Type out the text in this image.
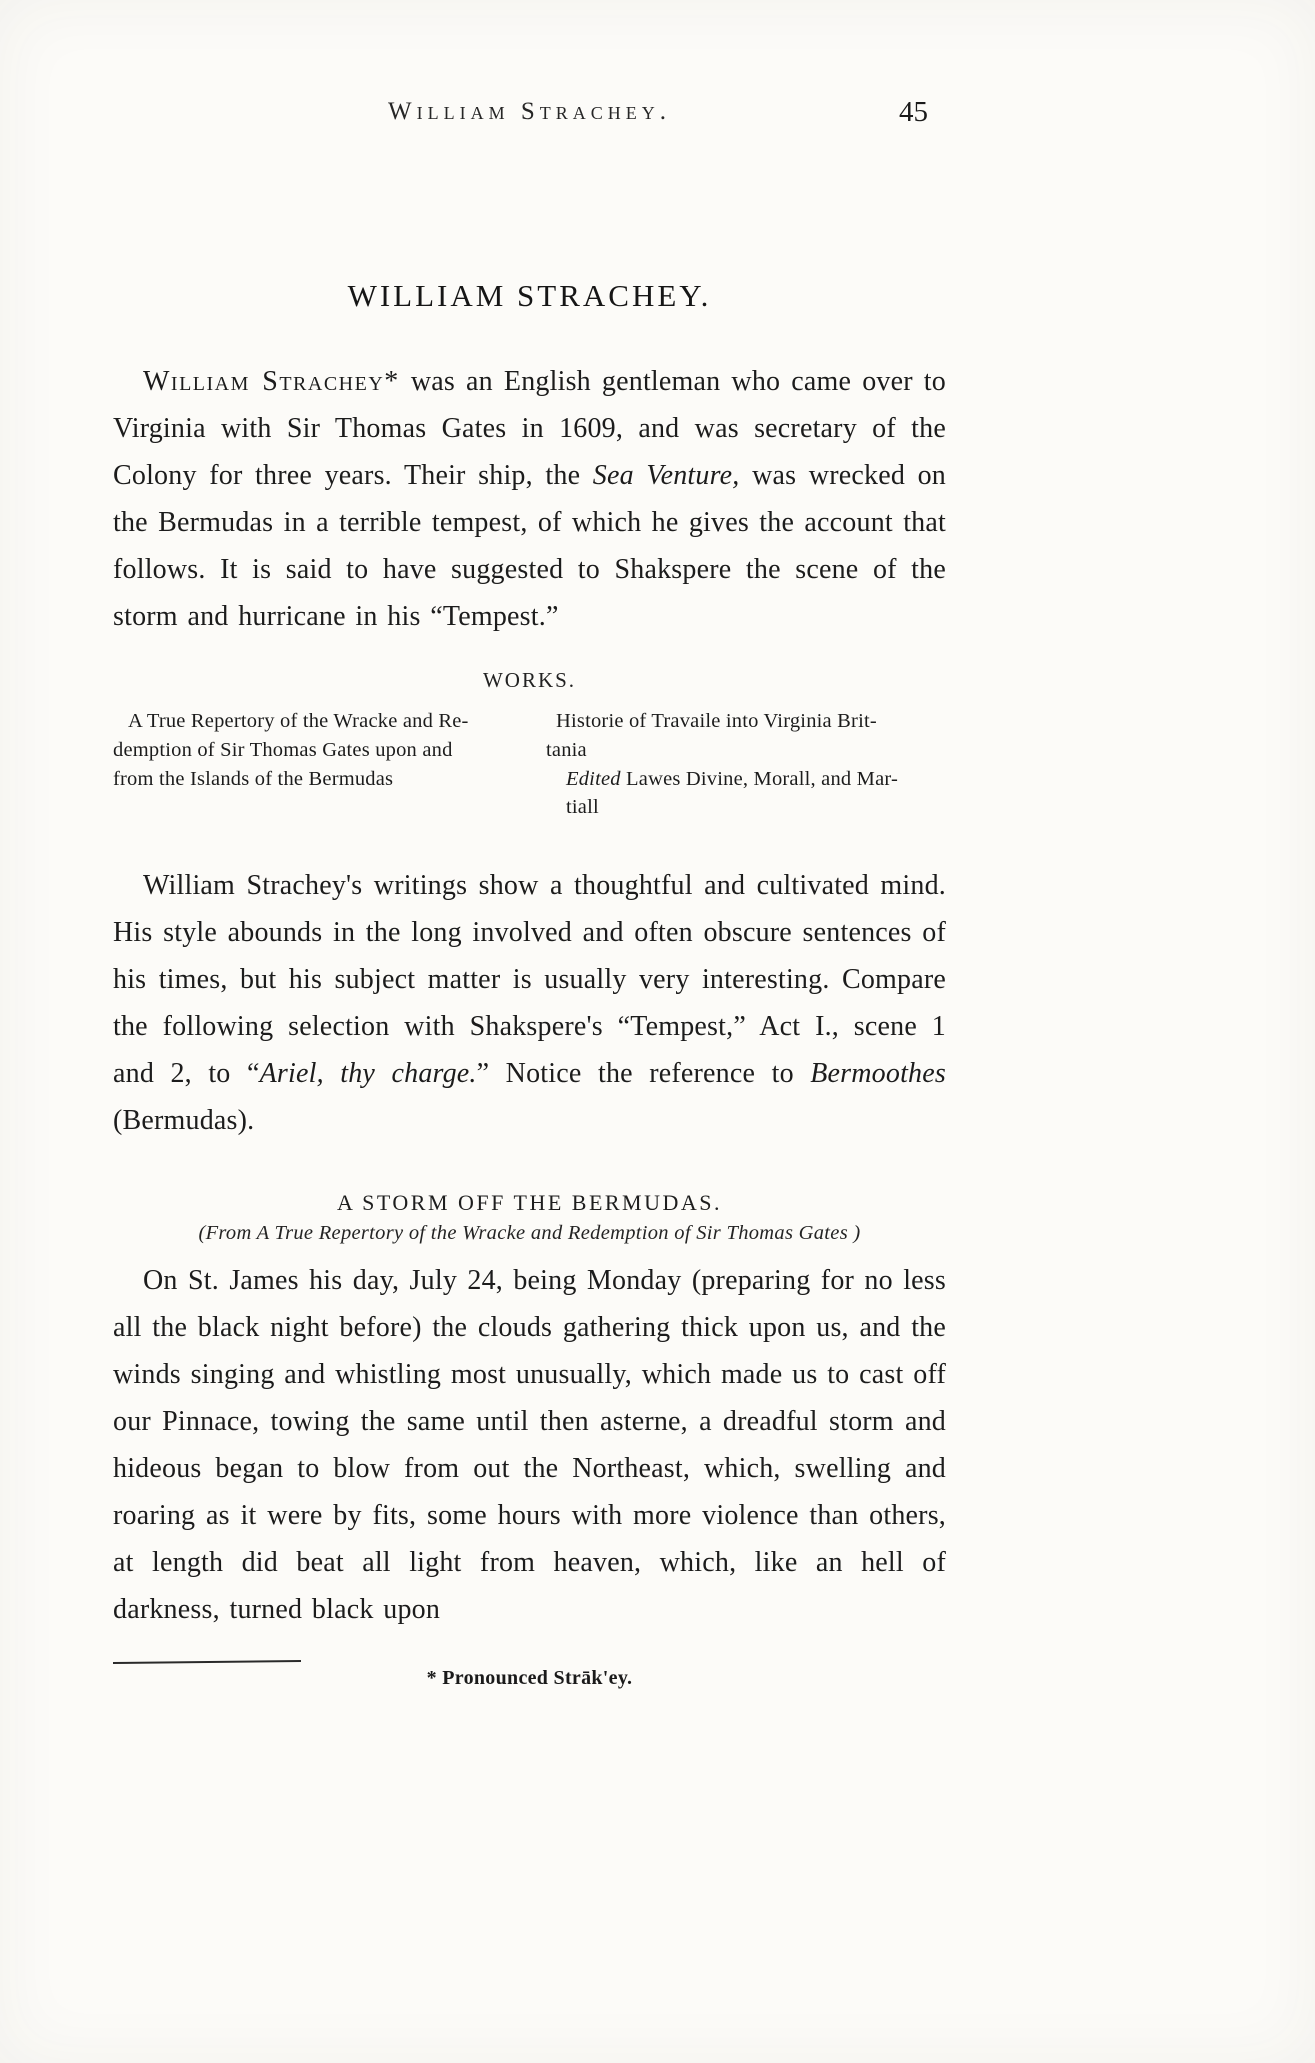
William Strachey.	45
WILLIAM STRACHEY.

William Strachey* was an English gentleman who came over to Virginia with Sir Thomas Gates in 1609, and was secretary of the Colony for three years. Their ship, the Sea Venture, was wrecked on the Bermudas in a terrible tempest, of which he gives the account that follows. It is said to have suggested to Shakspere the scene of the storm and hurricane in his “Tempest.”

WORKS.
A True Repertory of the Wracke and Re-
demption of Sir Thomas Gates upon and
from the Islands of the Bermudas
Historie of Travaile into Virginia Brit-
tania
Edited Lawes Divine, Morall, and Mar-
tiall

William Strachey's writings show a thoughtful and cultivated mind. His style abounds in the long involved and often obscure sentences of his times, but his subject matter is usually very interesting. Compare the following selection with Shakspere's “Tempest,” Act I., scene 1 and 2, to “Ariel, thy charge.” Notice the reference to Bermoothes (Bermudas).

A STORM OFF THE BERMUDAS.
(From A True Repertory of the Wracke and Redemption of Sir Thomas Gates )

On St. James his day, July 24, being Monday (preparing for no less all the black night before) the clouds gathering thick upon us, and the winds singing and whistling most unusually, which made us to cast off our Pinnace, towing the same until then asterne, a dreadful storm and hideous began to blow from out the Northeast, which, swelling and roaring as it were by fits, some hours with more violence than others, at length did beat all light from heaven, which, like an hell of darkness, turned black upon

* Pronounced Strāk'ey.
